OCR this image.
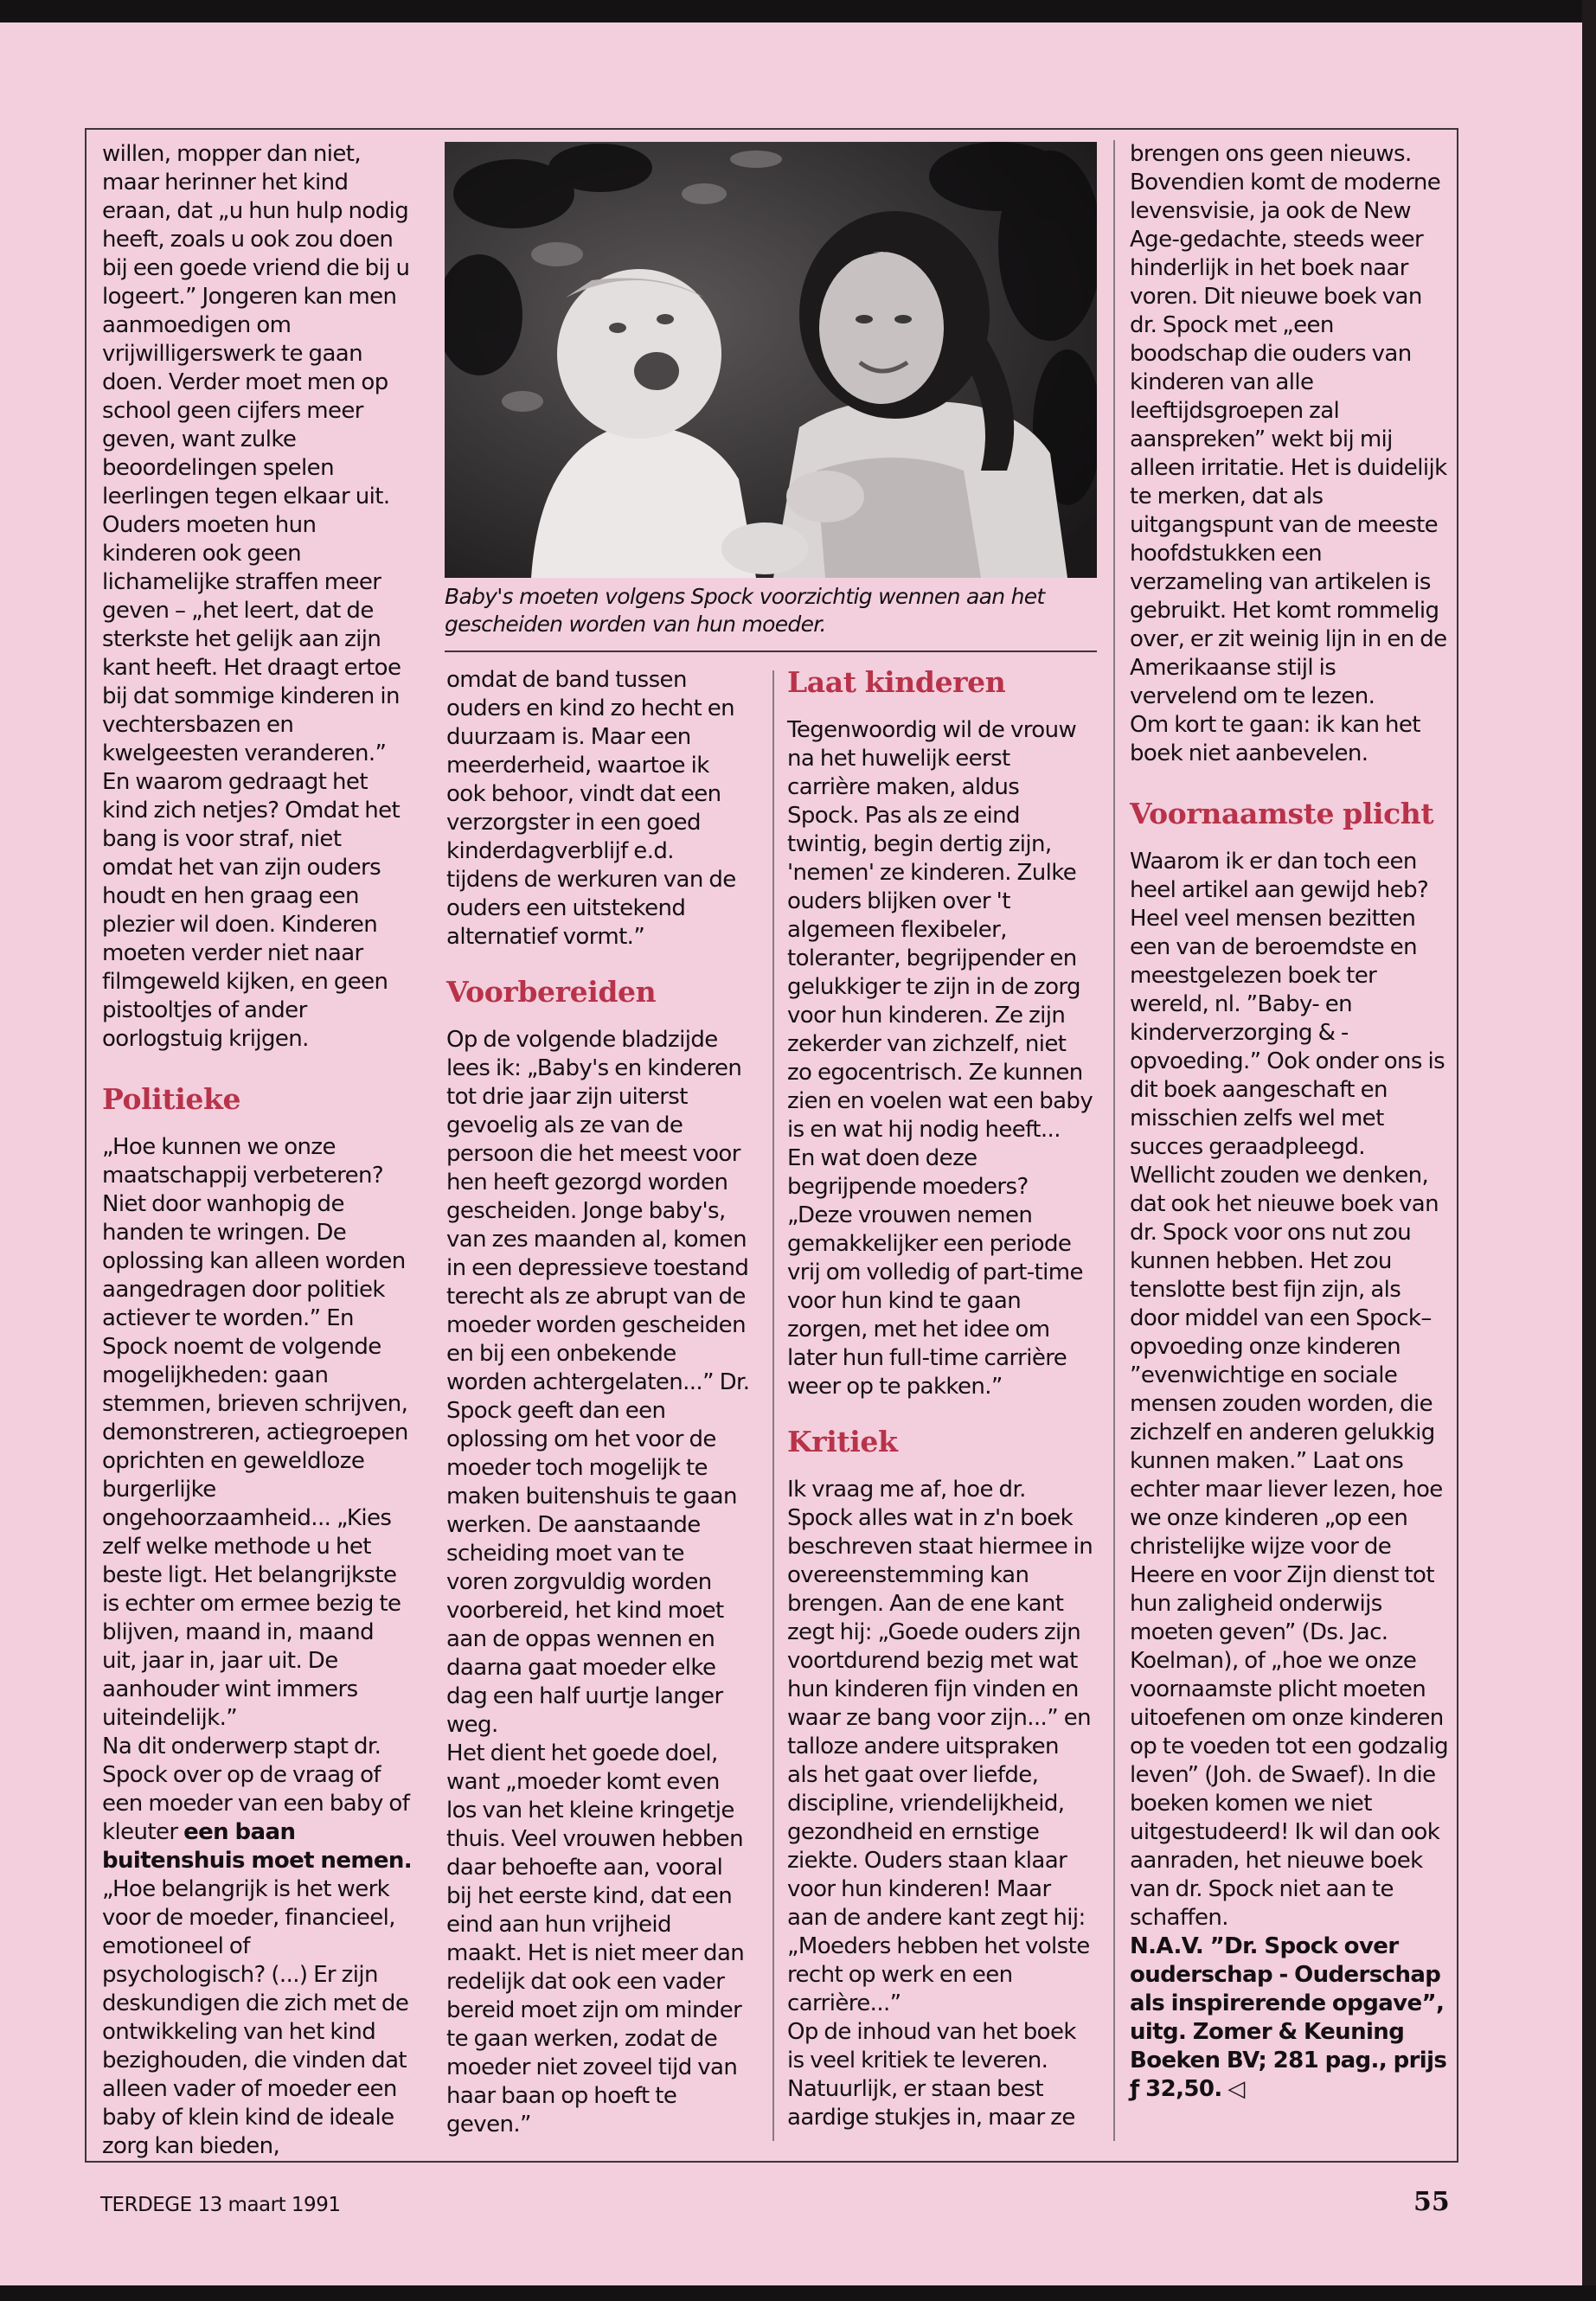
willen, mopper dan niet, maar herinner het kind eraan, dat „u hun hulp nodig heeft, zoals u ook zou doen bij een goede vriend die bij u logeert.” Jongeren kan men aanmoedigen om vrijwilligerswerk te gaan doen. Verder moet men op school geen cijfers meer geven, want zulke beoordelingen spelen leerlingen tegen elkaar uit. Ouders moeten hun kinderen ook geen lichamelijke straffen meer geven – „het leert, dat de sterkste het gelijk aan zijn kant heeft. Het draagt ertoe bij dat sommige kinderen in vechtersbazen en kwelgeesten veranderen.” En waarom gedraagt het kind zich netjes? Omdat het bang is voor straf, niet omdat het van zijn ouders houdt en hen graag een plezier wil doen. Kinderen moeten verder niet naar filmgeweld kijken, en geen pistooltjes of ander oorlogstuig krijgen.

Politieke

„Hoe kunnen we onze maatschappij verbeteren? Niet door wanhopig de handen te wringen. De oplossing kan alleen worden aangedragen door politiek actiever te worden.” En Spock noemt de volgende mogelijkheden: gaan stemmen, brieven schrijven, demonstreren, actiegroepen oprichten en geweldloze burgerlijke ongehoorzaamheid... „Kies zelf welke methode u het beste ligt. Het belangrijkste is echter om ermee bezig te blijven, maand in, maand uit, jaar in, jaar uit. De aanhouder wint immers uiteindelijk.”

Na dit onderwerp stapt dr. Spock over op de vraag of een moeder van een baby of kleuter een baan buitenshuis moet nemen.

„Hoe belangrijk is het werk voor de moeder, financieel, emotioneel of psychologisch? (...) Er zijn deskundigen die zich met de ontwikkeling van het kind bezighouden, die vinden dat alleen vader of moeder een baby of klein kind de ideale zorg kan bieden,

Baby's moeten volgens Spock voorzichtig wennen aan het gescheiden worden van hun moeder.

omdat de band tussen ouders en kind zo hecht en duurzaam is. Maar een meerderheid, waartoe ik ook behoor, vindt dat een verzorgster in een goed kinderdagverblijf e.d. tijdens de werkuren van de ouders een uitstekend alternatief vormt.”

Voorbereiden

Op de volgende bladzijde lees ik: „Baby's en kinderen tot drie jaar zijn uiterst gevoelig als ze van de persoon die het meest voor hen heeft gezorgd worden gescheiden. Jonge baby's, van zes maanden al, komen in een depressieve toestand terecht als ze abrupt van de moeder worden gescheiden en bij een onbekende worden achtergelaten...” Dr. Spock geeft dan een oplossing om het voor de moeder toch mogelijk te maken buitenshuis te gaan werken. De aanstaande scheiding moet van te voren zorgvuldig worden voorbereid, het kind moet aan de oppas wennen en daarna gaat moeder elke dag een half uurtje langer weg.

Het dient het goede doel, want „moeder komt even los van het kleine kringetje thuis. Veel vrouwen hebben daar behoefte aan, vooral bij het eerste kind, dat een eind aan hun vrijheid maakt. Het is niet meer dan redelijk dat ook een vader bereid moet zijn om minder te gaan werken, zodat de moeder niet zoveel tijd van haar baan op hoeft te geven.”

Laat kinderen

Tegenwoordig wil de vrouw na het huwelijk eerst carrière maken, aldus Spock. Pas als ze eind twintig, begin dertig zijn, 'nemen' ze kinderen. Zulke ouders blijken over 't algemeen flexibeler, toleranter, begrijpender en gelukkiger te zijn in de zorg voor hun kinderen. Ze zijn zekerder van zichzelf, niet zo egocentrisch. Ze kunnen zien en voelen wat een baby is en wat hij nodig heeft...

En wat doen deze begrijpende moeders? „Deze vrouwen nemen gemakkelijker een periode vrij om volledig of part-time voor hun kind te gaan zorgen, met het idee om later hun full-time carrière weer op te pakken.”

Kritiek

Ik vraag me af, hoe dr. Spock alles wat in z'n boek beschreven staat hiermee in overeenstemming kan brengen. Aan de ene kant zegt hij: „Goede ouders zijn voortdurend bezig met wat hun kinderen fijn vinden en waar ze bang voor zijn...” en talloze andere uitspraken als het gaat over liefde, discipline, vriendelijkheid, gezondheid en ernstige ziekte. Ouders staan klaar voor hun kinderen! Maar aan de andere kant zegt hij: „Moeders hebben het volste recht op werk en een carrière...”

Op de inhoud van het boek is veel kritiek te leveren. Natuurlijk, er staan best aardige stukjes in, maar ze

brengen ons geen nieuws. Bovendien komt de moderne levensvisie, ja ook de New Age-gedachte, steeds weer hinderlijk in het boek naar voren. Dit nieuwe boek van dr. Spock met „een boodschap die ouders van kinderen van alle leeftijdsgroepen zal aanspreken” wekt bij mij alleen irritatie. Het is duidelijk te merken, dat als uitgangspunt van de meeste hoofdstukken een verzameling van artikelen is gebruikt. Het komt rommelig over, er zit weinig lijn in en de Amerikaanse stijl is vervelend om te lezen.

Om kort te gaan: ik kan het boek niet aanbevelen.

Voornaamste plicht

Waarom ik er dan toch een heel artikel aan gewijd heb? Heel veel mensen bezitten een van de beroemdste en meestgelezen boek ter wereld, nl. ”Baby- en kinderverzorging & -opvoeding.” Ook onder ons is dit boek aangeschaft en misschien zelfs wel met succes geraadpleegd. Wellicht zouden we denken, dat ook het nieuwe boek van dr. Spock voor ons nut zou kunnen hebben. Het zou tenslotte best fijn zijn, als door middel van een Spock–opvoeding onze kinderen ”evenwichtige en sociale mensen zouden worden, die zichzelf en anderen gelukkig kunnen maken.” Laat ons echter maar liever lezen, hoe we onze kinderen „op een christelijke wijze voor de Heere en voor Zijn dienst tot hun zaligheid onderwijs moeten geven” (Ds. Jac. Koelman), of „hoe we onze voornaamste plicht moeten uitoefenen om onze kinderen op te voeden tot een godzalig leven” (Joh. de Swaef). In die boeken komen we niet uitgestudeerd! Ik wil dan ook aanraden, het nieuwe boek van dr. Spock niet aan te schaffen.

N.A.V. ”Dr. Spock over ouderschap - Ouderschap als inspirerende opgave”, uitg. Zomer & Keuning Boeken BV; 281 pag., prijs ƒ 32,50. ◁

TERDEGE 13 maart 1991	55
